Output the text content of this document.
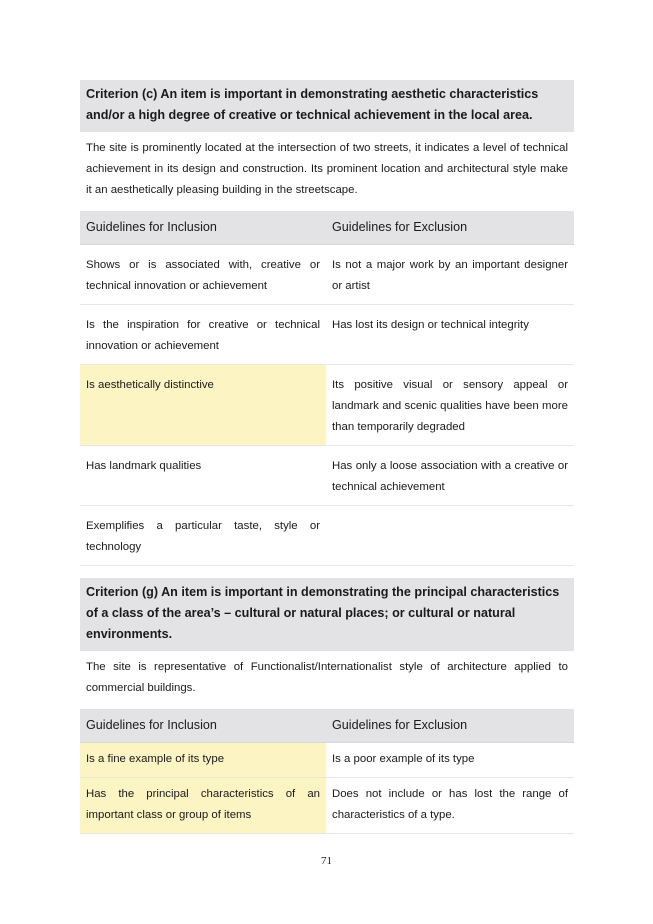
Criterion (c) An item is important in demonstrating aesthetic characteristics and/or a high degree of creative or technical achievement in the local area.
The site is prominently located at the intersection of two streets, it indicates a level of technical achievement in its design and construction. Its prominent location and architectural style make it an aesthetically pleasing building in the streetscape.
Guidelines for Inclusion	Guidelines for Exclusion
Shows or is associated with, creative or technical innovation or achievement	Is not a major work by an important designer or artist
Is the inspiration for creative or technical innovation or achievement	Has lost its design or technical integrity
Is aesthetically distinctive	Its positive visual or sensory appeal or landmark and scenic qualities have been more than temporarily degraded
Has landmark qualities	Has only a loose association with a creative or technical achievement
Exemplifies a particular taste, style or technology	
Criterion (g) An item is important in demonstrating the principal characteristics of a class of the area’s – cultural or natural places; or cultural or natural environments.
The site is representative of Functionalist/Internationalist style of architecture applied to commercial buildings.
Guidelines for Inclusion	Guidelines for Exclusion
Is a fine example of its type	Is a poor example of its type
Has the principal characteristics of an important class or group of items	Does not include or has lost the range of characteristics of a type.
71
